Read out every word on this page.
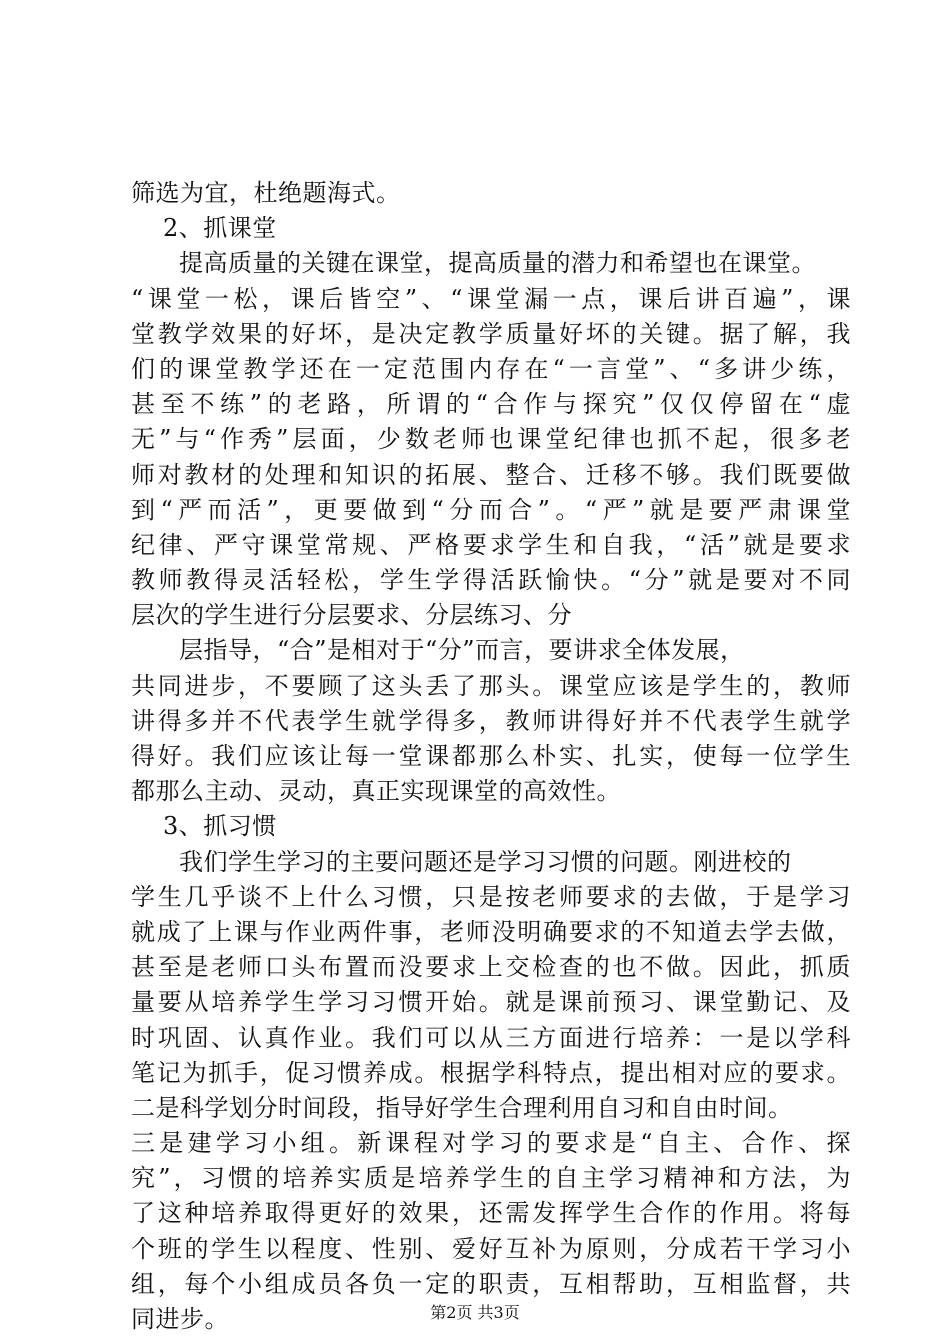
筛选为宜，杜绝题海式。
2、抓课堂
提高质量的关键在课堂，提高质量的潜力和希望也在课堂。
“课堂一松，课后皆空”、“课堂漏一点，课后讲百遍”，课
堂教学效果的好坏，是决定教学质量好坏的关键。据了解，我
们的课堂教学还在一定范围内存在“一言堂”、“多讲少练，
甚至不练”的老路，所谓的“合作与探究”仅仅停留在“虚
无”与“作秀”层面，少数老师也课堂纪律也抓不起，很多老
师对教材的处理和知识的拓展、整合、迁移不够。我们既要做
到“严而活”，更要做到“分而合”。“严”就是要严肃课堂
纪律、严守课堂常规、严格要求学生和自我，“活”就是要求
教师教得灵活轻松，学生学得活跃愉快。“分”就是要对不同
层次的学生进行分层要求、分层练习、分
层指导，“合”是相对于“分”而言，要讲求全体发展，
共同进步，不要顾了这头丢了那头。课堂应该是学生的，教师
讲得多并不代表学生就学得多，教师讲得好并不代表学生就学
得好。我们应该让每一堂课都那么朴实、扎实，使每一位学生
都那么主动、灵动，真正实现课堂的高效性。
3、抓习惯
我们学生学习的主要问题还是学习习惯的问题。刚进校的
学生几乎谈不上什么习惯，只是按老师要求的去做，于是学习
就成了上课与作业两件事，老师没明确要求的不知道去学去做，
甚至是老师口头布置而没要求上交检查的也不做。因此，抓质
量要从培养学生学习习惯开始。就是课前预习、课堂勤记、及
时巩固、认真作业。我们可以从三方面进行培养：一是以学科
笔记为抓手，促习惯养成。根据学科特点，提出相对应的要求。
二是科学划分时间段，指导好学生合理利用自习和自由时间。
三是建学习小组。新课程对学习的要求是“自主、合作、探
究”，习惯的培养实质是培养学生的自主学习精神和方法，为
了这种培养取得更好的效果，还需发挥学生合作的作用。将每
个班的学生以程度、性别、爱好互补为原则，分成若干学习小
组，每个小组成员各负一定的职责，互相帮助，互相监督，共
同进步。	第2页 共3页
